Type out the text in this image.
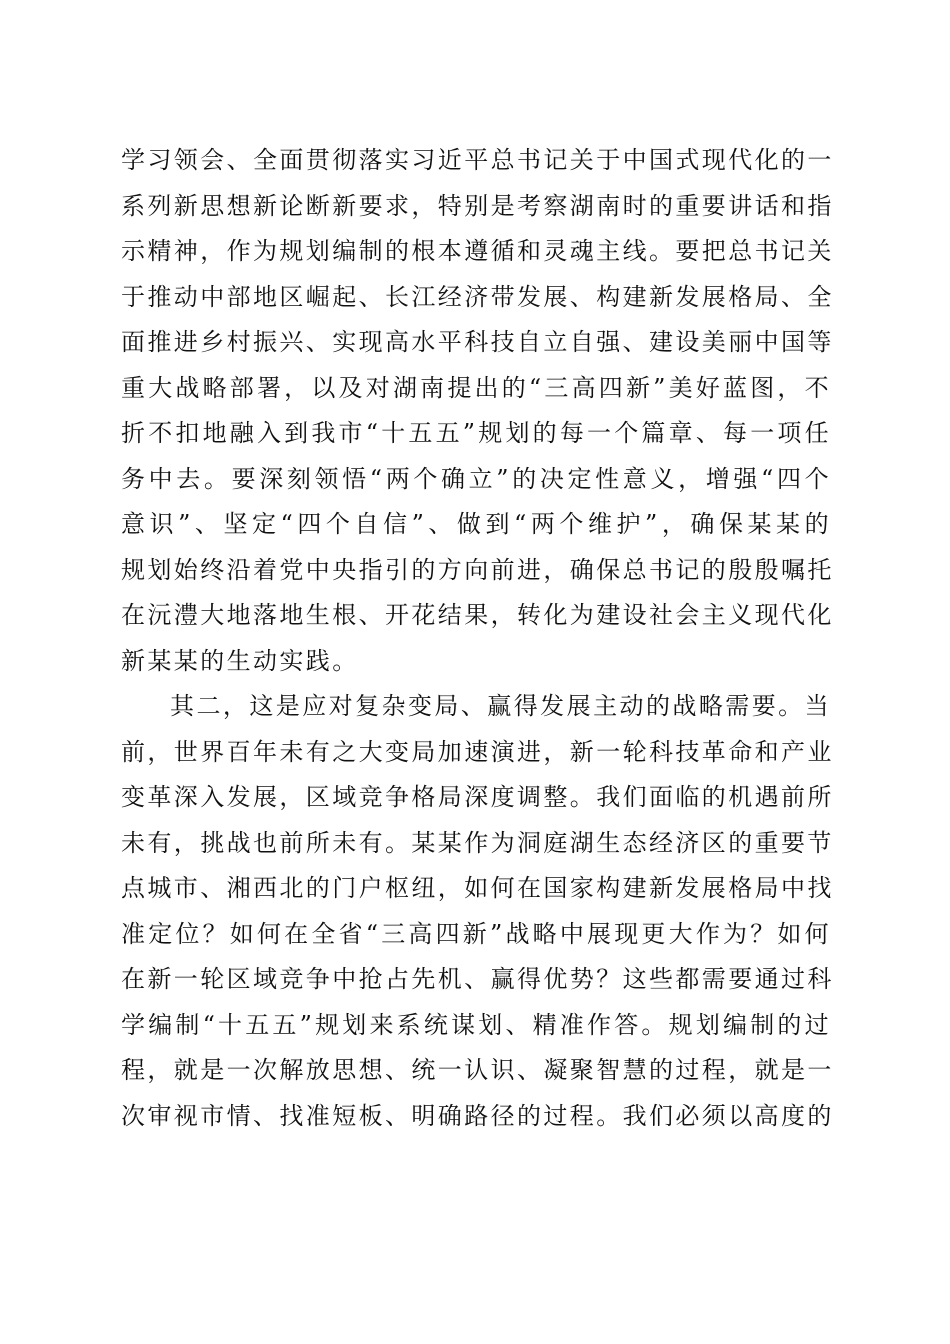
学习领会、全面贯彻落实习近平总书记关于中国式现代化的一
系列新思想新论断新要求，特别是考察湖南时的重要讲话和指
示精神，作为规划编制的根本遵循和灵魂主线。要把总书记关
于推动中部地区崛起、长江经济带发展、构建新发展格局、全
面推进乡村振兴、实现高水平科技自立自强、建设美丽中国等
重大战略部署，以及对湖南提出的“三高四新”美好蓝图，不
折不扣地融入到我市“十五五”规划的每一个篇章、每一项任
务中去。要深刻领悟“两个确立”的决定性意义，增强“四个
意识”、坚定“四个自信”、做到“两个维护”，确保某某的
规划始终沿着党中央指引的方向前进，确保总书记的殷殷嘱托
在沅澧大地落地生根、开花结果，转化为建设社会主义现代化
新某某的生动实践。
其二，这是应对复杂变局、赢得发展主动的战略需要。当
前，世界百年未有之大变局加速演进，新一轮科技革命和产业
变革深入发展，区域竞争格局深度调整。我们面临的机遇前所
未有，挑战也前所未有。某某作为洞庭湖生态经济区的重要节
点城市、湘西北的门户枢纽，如何在国家构建新发展格局中找
准定位？如何在全省“三高四新”战略中展现更大作为？如何
在新一轮区域竞争中抢占先机、赢得优势？这些都需要通过科
学编制“十五五”规划来系统谋划、精准作答。规划编制的过
程，就是一次解放思想、统一认识、凝聚智慧的过程，就是一
次审视市情、找准短板、明确路径的过程。我们必须以高度的
